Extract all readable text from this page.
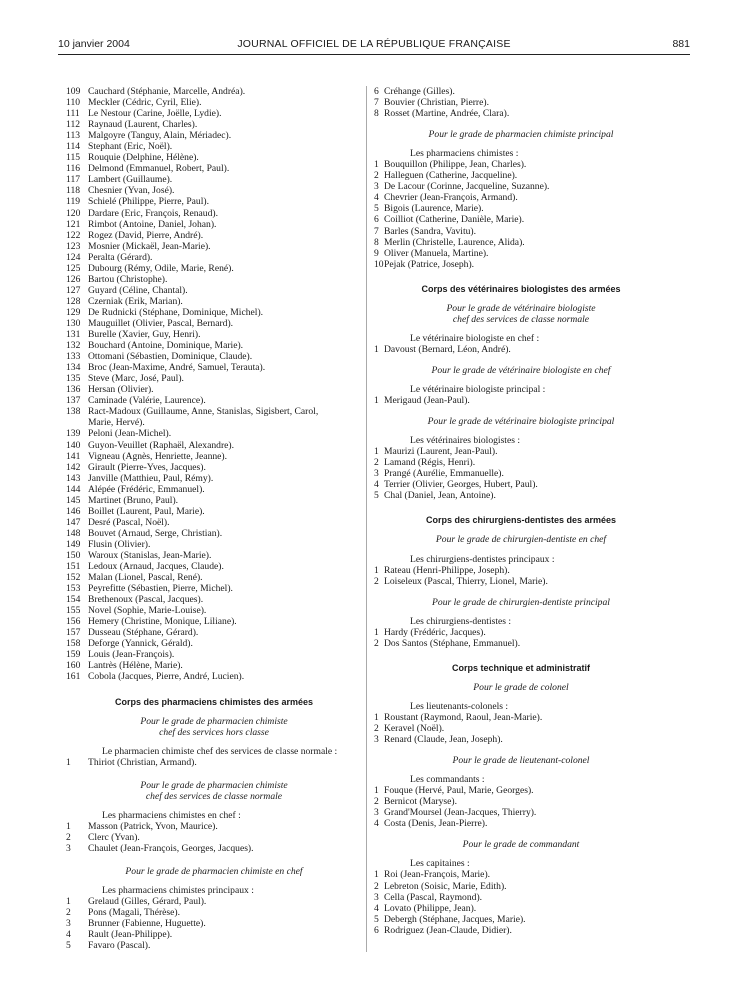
10 janvier 2004	JOURNAL OFFICIEL DE LA RÉPUBLIQUE FRANÇAISE	881
109 Cauchard (Stéphanie, Marcelle, Andréa).
110 Meckler (Cédric, Cyril, Elie).
111 Le Nestour (Carine, Joëlle, Lydie).
112 Raynaud (Laurent, Charles).
113 Malgoyre (Tanguy, Alain, Mériadec).
114 Stephant (Eric, Noël).
115 Rouquie (Delphine, Hélène).
116 Delmond (Emmanuel, Robert, Paul).
117 Lambert (Guillaume).
118 Chesnier (Yvan, José).
119 Schielé (Philippe, Pierre, Paul).
120 Dardare (Eric, François, Renaud).
121 Rimbot (Antoine, Daniel, Johan).
122 Rogez (David, Pierre, André).
123 Mosnier (Mickaël, Jean-Marie).
124 Peralta (Gérard).
125 Dubourg (Rémy, Odile, Marie, René).
126 Bartou (Christophe).
127 Guyard (Céline, Chantal).
128 Czerniak (Erik, Marian).
129 De Rudnicki (Stéphane, Dominique, Michel).
130 Mauguillet (Olivier, Pascal, Bernard).
131 Burelle (Xavier, Guy, Henri).
132 Bouchard (Antoine, Dominique, Marie).
133 Ottomani (Sébastien, Dominique, Claude).
134 Broc (Jean-Maxime, André, Samuel, Terauta).
135 Steve (Marc, José, Paul).
136 Hersan (Olivier).
137 Caminade (Valérie, Laurence).
138 Ract-Madoux (Guillaume, Anne, Stanislas, Sigisbert, Carol,
Marie, Hervé).
139 Peloni (Jean-Michel).
140 Guyon-Veuillet (Raphaël, Alexandre).
141 Vigneau (Agnès, Henriette, Jeanne).
142 Girault (Pierre-Yves, Jacques).
143 Janville (Matthieu, Paul, Rémy).
144 Alépée (Frédéric, Emmanuel).
145 Martinet (Bruno, Paul).
146 Boillet (Laurent, Paul, Marie).
147 Desré (Pascal, Noël).
148 Bouvet (Arnaud, Serge, Christian).
149 Flusin (Olivier).
150 Waroux (Stanislas, Jean-Marie).
151 Ledoux (Arnaud, Jacques, Claude).
152 Malan (Lionel, Pascal, René).
153 Peyrefitte (Sébastien, Pierre, Michel).
154 Brethenoux (Pascal, Jacques).
155 Novel (Sophie, Marie-Louise).
156 Hemery (Christine, Monique, Liliane).
157 Dusseau (Stéphane, Gérard).
158 Deforge (Yannick, Gérald).
159 Louis (Jean-François).
160 Lantrès (Hélène, Marie).
161 Cobola (Jacques, Pierre, André, Lucien).
Corps des pharmaciens chimistes des armées
Pour le grade de pharmacien chimiste
chef des services hors classe
Le pharmacien chimiste chef des services de classe normale :
1 Thiriot (Christian, Armand).
Pour le grade de pharmacien chimiste
chef des services de classe normale
Les pharmaciens chimistes en chef :
1 Masson (Patrick, Yvon, Maurice).
2 Clerc (Yvan).
3 Chaulet (Jean-François, Georges, Jacques).
Pour le grade de pharmacien chimiste en chef
Les pharmaciens chimistes principaux :
1 Grelaud (Gilles, Gérard, Paul).
2 Pons (Magali, Thérèse).
3 Brunner (Fabienne, Huguette).
4 Rault (Jean-Philippe).
5 Favaro (Pascal).
6 Créhange (Gilles).
7 Bouvier (Christian, Pierre).
8 Rosset (Martine, Andrée, Clara).
Pour le grade de pharmacien chimiste principal
Les pharmaciens chimistes :
1 Bouquillon (Philippe, Jean, Charles).
2 Halleguen (Catherine, Jacqueline).
3 De Lacour (Corinne, Jacqueline, Suzanne).
4 Chevrier (Jean-François, Armand).
5 Bigois (Laurence, Marie).
6 Coilliot (Catherine, Danièle, Marie).
7 Barles (Sandra, Vavitu).
8 Merlin (Christelle, Laurence, Alida).
9 Oliver (Manuela, Martine).
10Pejak (Patrice, Joseph).
Corps des vétérinaires biologistes des armées
Pour le grade de vétérinaire biologiste
chef des services de classe normale
Le vétérinaire biologiste en chef :
1 Davoust (Bernard, Léon, André).
Pour le grade de vétérinaire biologiste en chef
Le vétérinaire biologiste principal :
1 Merigaud (Jean-Paul).
Pour le grade de vétérinaire biologiste principal
Les vétérinaires biologistes :
1 Maurizi (Laurent, Jean-Paul).
2 Lamand (Régis, Henri).
3 Prangé (Aurélie, Emmanuelle).
4 Terrier (Olivier, Georges, Hubert, Paul).
5 Chal (Daniel, Jean, Antoine).
Corps des chirurgiens-dentistes des armées
Pour le grade de chirurgien-dentiste en chef
Les chirurgiens-dentistes principaux :
1 Rateau (Henri-Philippe, Joseph).
2 Loiseleux (Pascal, Thierry, Lionel, Marie).
Pour le grade de chirurgien-dentiste principal
Les chirurgiens-dentistes :
1 Hardy (Frédéric, Jacques).
2 Dos Santos (Stéphane, Emmanuel).
Corps technique et administratif
Pour le grade de colonel
Les lieutenants-colonels :
1 Roustant (Raymond, Raoul, Jean-Marie).
2 Keravel (Noël).
3 Renard (Claude, Jean, Joseph).
Pour le grade de lieutenant-colonel
Les commandants :
1 Fouque (Hervé, Paul, Marie, Georges).
2 Bernicot (Maryse).
3 Grand'Moursel (Jean-Jacques, Thierry).
4 Costa (Denis, Jean-Pierre).
Pour le grade de commandant
Les capitaines :
1 Roi (Jean-François, Marie).
2 Lebreton (Soisic, Marie, Edith).
3 Cella (Pascal, Raymond).
4 Lovato (Philippe, Jean).
5 Debergh (Stéphane, Jacques, Marie).
6 Rodriguez (Jean-Claude, Didier).
